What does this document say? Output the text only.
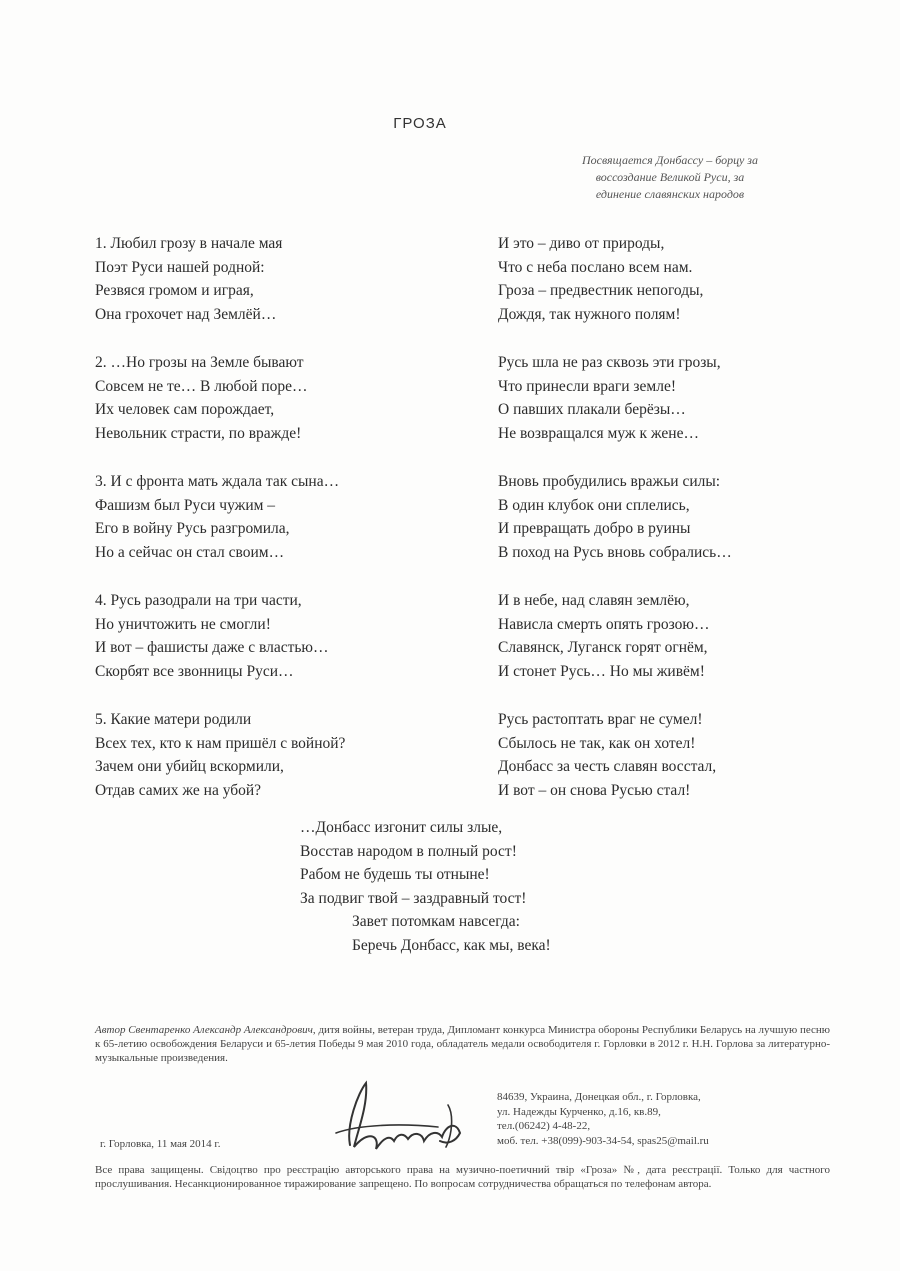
ГРОЗА
Посвящается Донбассу – борцу за
воссоздание Великой Руси, за
единение славянских народов
1. Любил грозу в начале мая
Поэт Руси нашей родной:
Резвяся громом и играя,
Она грохочет над Землёй…
2. …Но грозы на Земле бывают
Совсем не те… В любой поре…
Их человек сам порождает,
Невольник страсти, по вражде!
3. И с фронта мать ждала так сына…
Фашизм был Руси чужим –
Его в войну Русь разгромила,
Но а сейчас он стал своим…
4. Русь разодрали на три части,
Но уничтожить не смогли!
И вот – фашисты даже с властью…
Скорбят все звонницы Руси…
5. Какие матери родили
Всех тех, кто к нам пришёл с войной?
Зачем они убийц вскормили,
Отдав самих же на убой?
И это – диво от природы,
Что с неба послано всем нам.
Гроза – предвестник непогоды,
Дождя, так нужного полям!
Русь шла не раз сквозь эти грозы,
Что принесли враги земле!
О павших плакали берёзы…
Не возвращался муж к жене…
Вновь пробудились вражьи силы:
В один клубок они сплелись,
И превращать добро в руины
В поход на Русь вновь собрались…
И в небе, над славян землёю,
Нависла смерть опять грозою…
Славянск, Луганск горят огнём,
И стонет Русь… Но мы живём!
Русь растоптать враг не сумел!
Сбылось не так, как он хотел!
Донбасс за честь славян восстал,
И вот – он снова Русью стал!
…Донбасс изгонит силы злые,
Восстав народом в полный рост!
Рабом не будешь ты отныне!
За подвиг твой – заздравный тост!
Завет потомкам навсегда:
Беречь Донбасс, как мы, века!
Автор Свентаренко Александр Александрович, дитя войны, ветеран труда, Дипломант конкурса Министра обороны Республики Беларусь на лучшую песню к 65-летию освобождения Беларуси и 65-летия Победы 9 мая 2010 года, обладатель медали освободителя г. Горловки в 2012 г. Н.Н. Горлова за литературно-музыкальные произведения.
84639, Украина, Донецкая обл., г. Горловка,
ул. Надежды Курченко, д.16, кв.89,
тел.(06242) 4-48-22,
моб. тел. +38(099)-903-34-54, spas25@mail.ru
г. Горловка, 11 мая 2014 г.
Все права защищены. Свідоцтво про реєстрацію авторського права на музично-поетичний твір «Гроза» №, дата реєстрації. Только для частного прослушивания. Несанкционированное тиражирование запрещено. По вопросам сотрудничества обращаться по телефонам автора.
